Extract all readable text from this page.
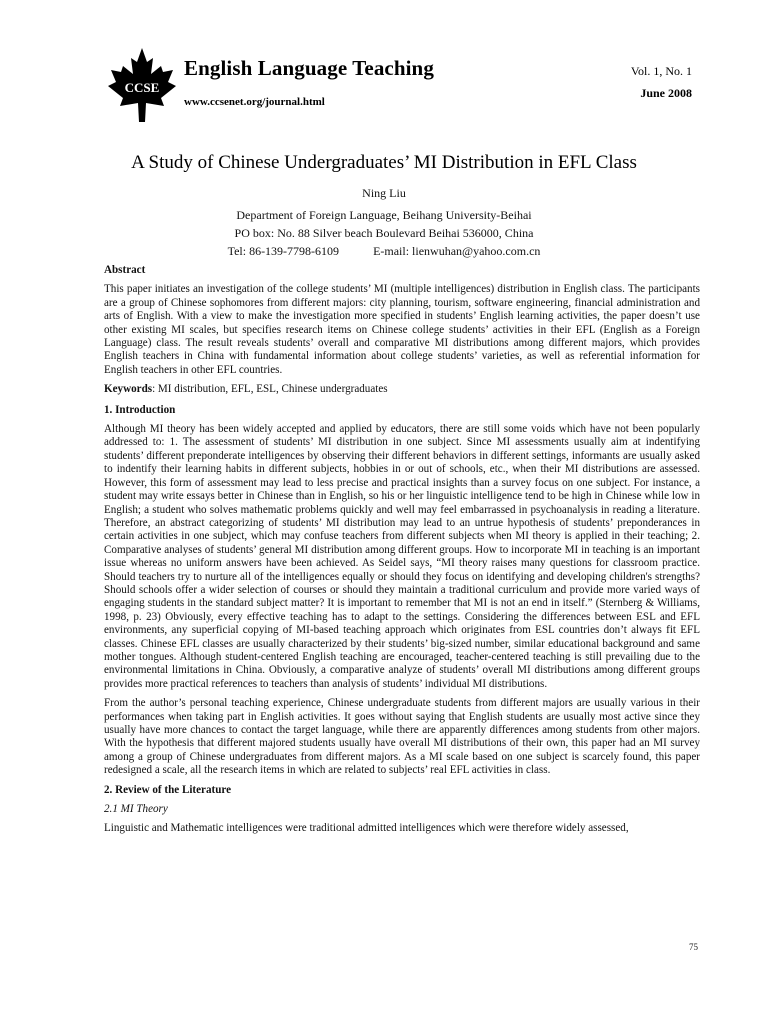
CCSE
English Language Teaching
www.ccsenet.org/journal.html
Vol. 1, No. 1
June 2008
A Study of Chinese Undergraduates’ MI Distribution in EFL Class
Ning Liu
Department of Foreign Language, Beihang University-Beihai
PO box: No. 88 Silver beach Boulevard Beihai 536000, China
Tel: 86-139-7798-6109	E-mail: lienwuhan@yahoo.com.cn
Abstract
This paper initiates an investigation of the college students’ MI (multiple intelligences) distribution in English class. The participants are a group of Chinese sophomores from different majors: city planning, tourism, software engineering, financial administration and arts of English. With a view to make the investigation more specified in students’ English learning activities, the paper doesn’t use other existing MI scales, but specifies research items on Chinese college students’ activities in their EFL (English as a Foreign Language) class. The result reveals students’ overall and comparative MI distributions among different majors, which provides English teachers in China with fundamental information about college students’ varieties, as well as referential information for English teachers in other EFL countries.
Keywords: MI distribution, EFL, ESL, Chinese undergraduates
1. Introduction
Although MI theory has been widely accepted and applied by educators, there are still some voids which have not been popularly addressed to: 1. The assessment of students’ MI distribution in one subject. Since MI assessments usually aim at indentifying students’ different preponderate intelligences by observing their different behaviors in different settings, informants are usually asked to indentify their learning habits in different subjects, hobbies in or out of schools, etc., when their MI distributions are assessed. However, this form of assessment may lead to less precise and practical insights than a survey focus on one subject. For instance, a student may write essays better in Chinese than in English, so his or her linguistic intelligence tend to be high in Chinese while low in English; a student who solves mathematic problems quickly and well may feel embarrassed in psychoanalysis in reading a literature. Therefore, an abstract categorizing of students’ MI distribution may lead to an untrue hypothesis of students’ preponderances in certain activities in one subject, which may confuse teachers from different subjects when MI theory is applied in their teaching; 2. Comparative analyses of students’ general MI distribution among different groups. How to incorporate MI in teaching is an important issue whereas no uniform answers have been achieved. As Seidel says, “MI theory raises many questions for classroom practice. Should teachers try to nurture all of the intelligences equally or should they focus on identifying and developing children's strengths? Should schools offer a wider selection of courses or should they maintain a traditional curriculum and provide more varied ways of engaging students in the standard subject matter? It is important to remember that MI is not an end in itself.” (Sternberg & Williams, 1998, p. 23) Obviously, every effective teaching has to adapt to the settings. Considering the differences between ESL and EFL environments, any superficial copying of MI-based teaching approach which originates from ESL countries don’t always fit EFL classes. Chinese EFL classes are usually characterized by their students’ big-sized number, similar educational background and same mother tongues. Although student-centered English teaching are encouraged, teacher-centered teaching is still prevailing due to the environmental limitations in China. Obviously, a comparative analyze of students’ overall MI distributions among different groups provides more practical references to teachers than analysis of students’ individual MI distributions.
From the author’s personal teaching experience, Chinese undergraduate students from different majors are usually various in their performances when taking part in English activities. It goes without saying that English students are usually most active since they usually have more chances to contact the target language, while there are apparently differences among students from other majors. With the hypothesis that different majored students usually have overall MI distributions of their own, this paper had an MI survey among a group of Chinese undergraduates from different majors. As a MI scale based on one subject is scarcely found, this paper redesigned a scale, all the research items in which are related to subjects’ real EFL activities in class.
2. Review of the Literature
2.1 MI Theory
Linguistic and Mathematic intelligences were traditional admitted intelligences which were therefore widely assessed,
75
